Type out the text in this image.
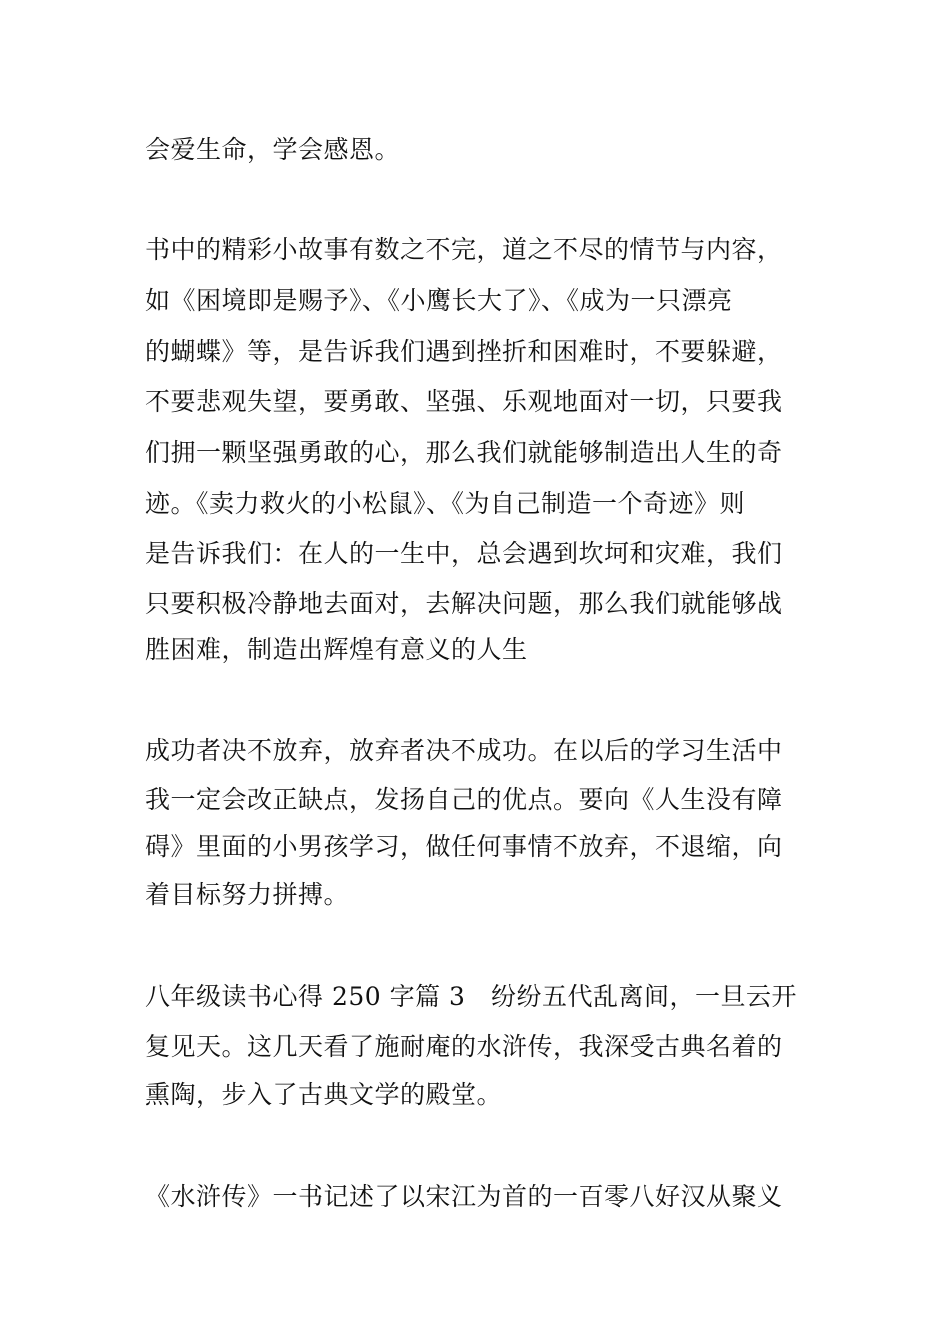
会爱生命，学会感恩。
书中的精彩小故事有数之不完，道之不尽的情节与内容，
如《困境即是赐予》、《小鹰长大了》、《成为一只漂亮
的蝴蝶》等，是告诉我们遇到挫折和困难时，不要躲避，
不要悲观失望，要勇敢、坚强、乐观地面对一切，只要我
们拥一颗坚强勇敢的心，那么我们就能够制造出人生的奇
迹。《卖力救火的小松鼠》、《为自己制造一个奇迹》则
是告诉我们：在人的一生中，总会遇到坎坷和灾难，我们
只要积极冷静地去面对，去解决问题，那么我们就能够战
胜困难，制造出辉煌有意义的人生
成功者决不放弃，放弃者决不成功。在以后的学习生活中
我一定会改正缺点，发扬自己的优点。要向《人生没有障
碍》里面的小男孩学习，做任何事情不放弃，不退缩，向
着目标努力拼搏。
八年级读书心得 250 字篇 3　纷纷五代乱离间，一旦云开
复见天。这几天看了施耐庵的水浒传，我深受古典名着的
熏陶，步入了古典文学的殿堂。
《水浒传》一书记述了以宋江为首的一百零八好汉从聚义
